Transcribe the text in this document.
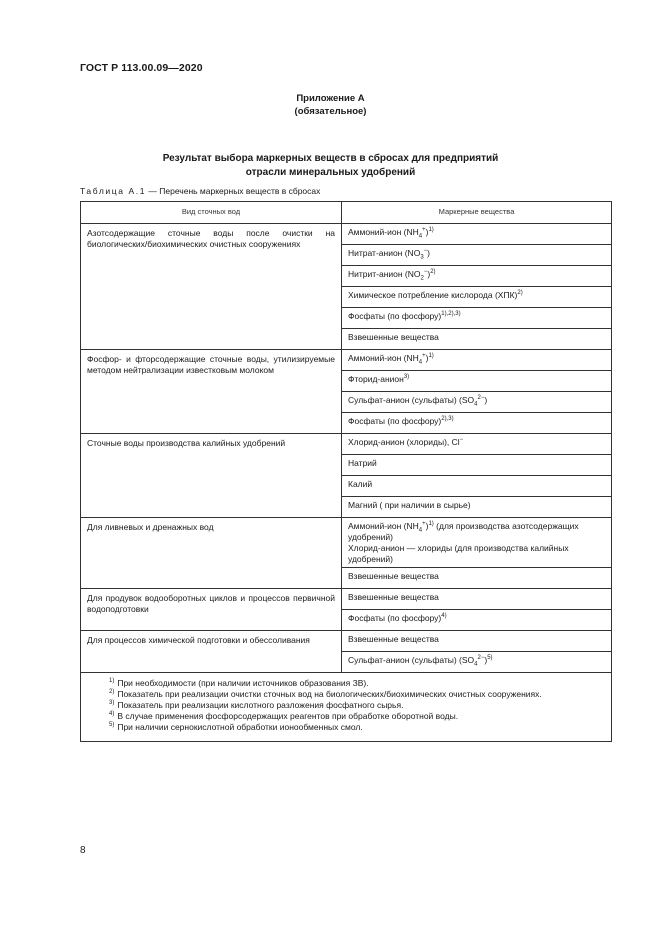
ГОСТ Р 113.00.09—2020
Приложение А
(обязательное)
Результат выбора маркерных веществ в сбросах для предприятий
отрасли минеральных удобрений
Таблица А.1 — Перечень маркерных веществ в сбросах
Вид сточных вод	Маркерные вещества
Азотсодержащие сточные воды после очистки на биологических/биохимических очистных сооружениях	Аммоний-ион $(NH_4^+)^{1)}$
	Нитрат-анион $(NO_3^-)$
	Нитрит-анион $(NO_2^-)^{2)}$
	Химическое потребление кислорода (ХПК)$^{2)}$
	Фосфаты (по фосфору)$^{1),2),3)}$
	Взвешенные вещества
Фосфор- и фторсодержащие сточные воды, утилизируемые методом нейтрализации известковым молоком	Аммоний-ион $(NH_4^+)^{1)}$
	Фторид-анион$^{3)}$
	Сульфат-анион (сульфаты) $(SO_4^{2-})$
	Фосфаты (по фосфору)$^{2),3)}$
Сточные воды производства калийных удобрений	Хлорид-анион (хлориды), Cl−
	Натрий
	Калий
	Магний ( при наличии в сырье)
Для ливневых и дренажных вод	Аммоний-ион $(NH_4^+)^{1)}$ (для производства азотсодержащих удобрений)
Хлорид-анион — хлориды (для производства калийных удобрений)
	Взвешенные вещества
Для продувок водооборотных циклов и процессов первичной водоподготовки	Взвешенные вещества
	Фосфаты (по фосфору)$^{4)}$
Для процессов химической подготовки и обессоливания	Взвешенные вещества
	Сульфат-анион (сульфаты) $(SO_4^{2-})^{5)}$

$^{1)}$ При необходимости (при наличии источников образования ЗВ).
$^{2)}$ Показатель при реализации очистки сточных вод на биологических/биохимических очистных сооружениях.
$^{3)}$ Показатель при реализации кислотного разложения фосфатного сырья.
$^{4)}$ В случае применения фосфорсодержащих реагентов при обработке оборотной воды.
$^{5)}$ При наличии сернокислотной обработки ионообменных смол.	
8
